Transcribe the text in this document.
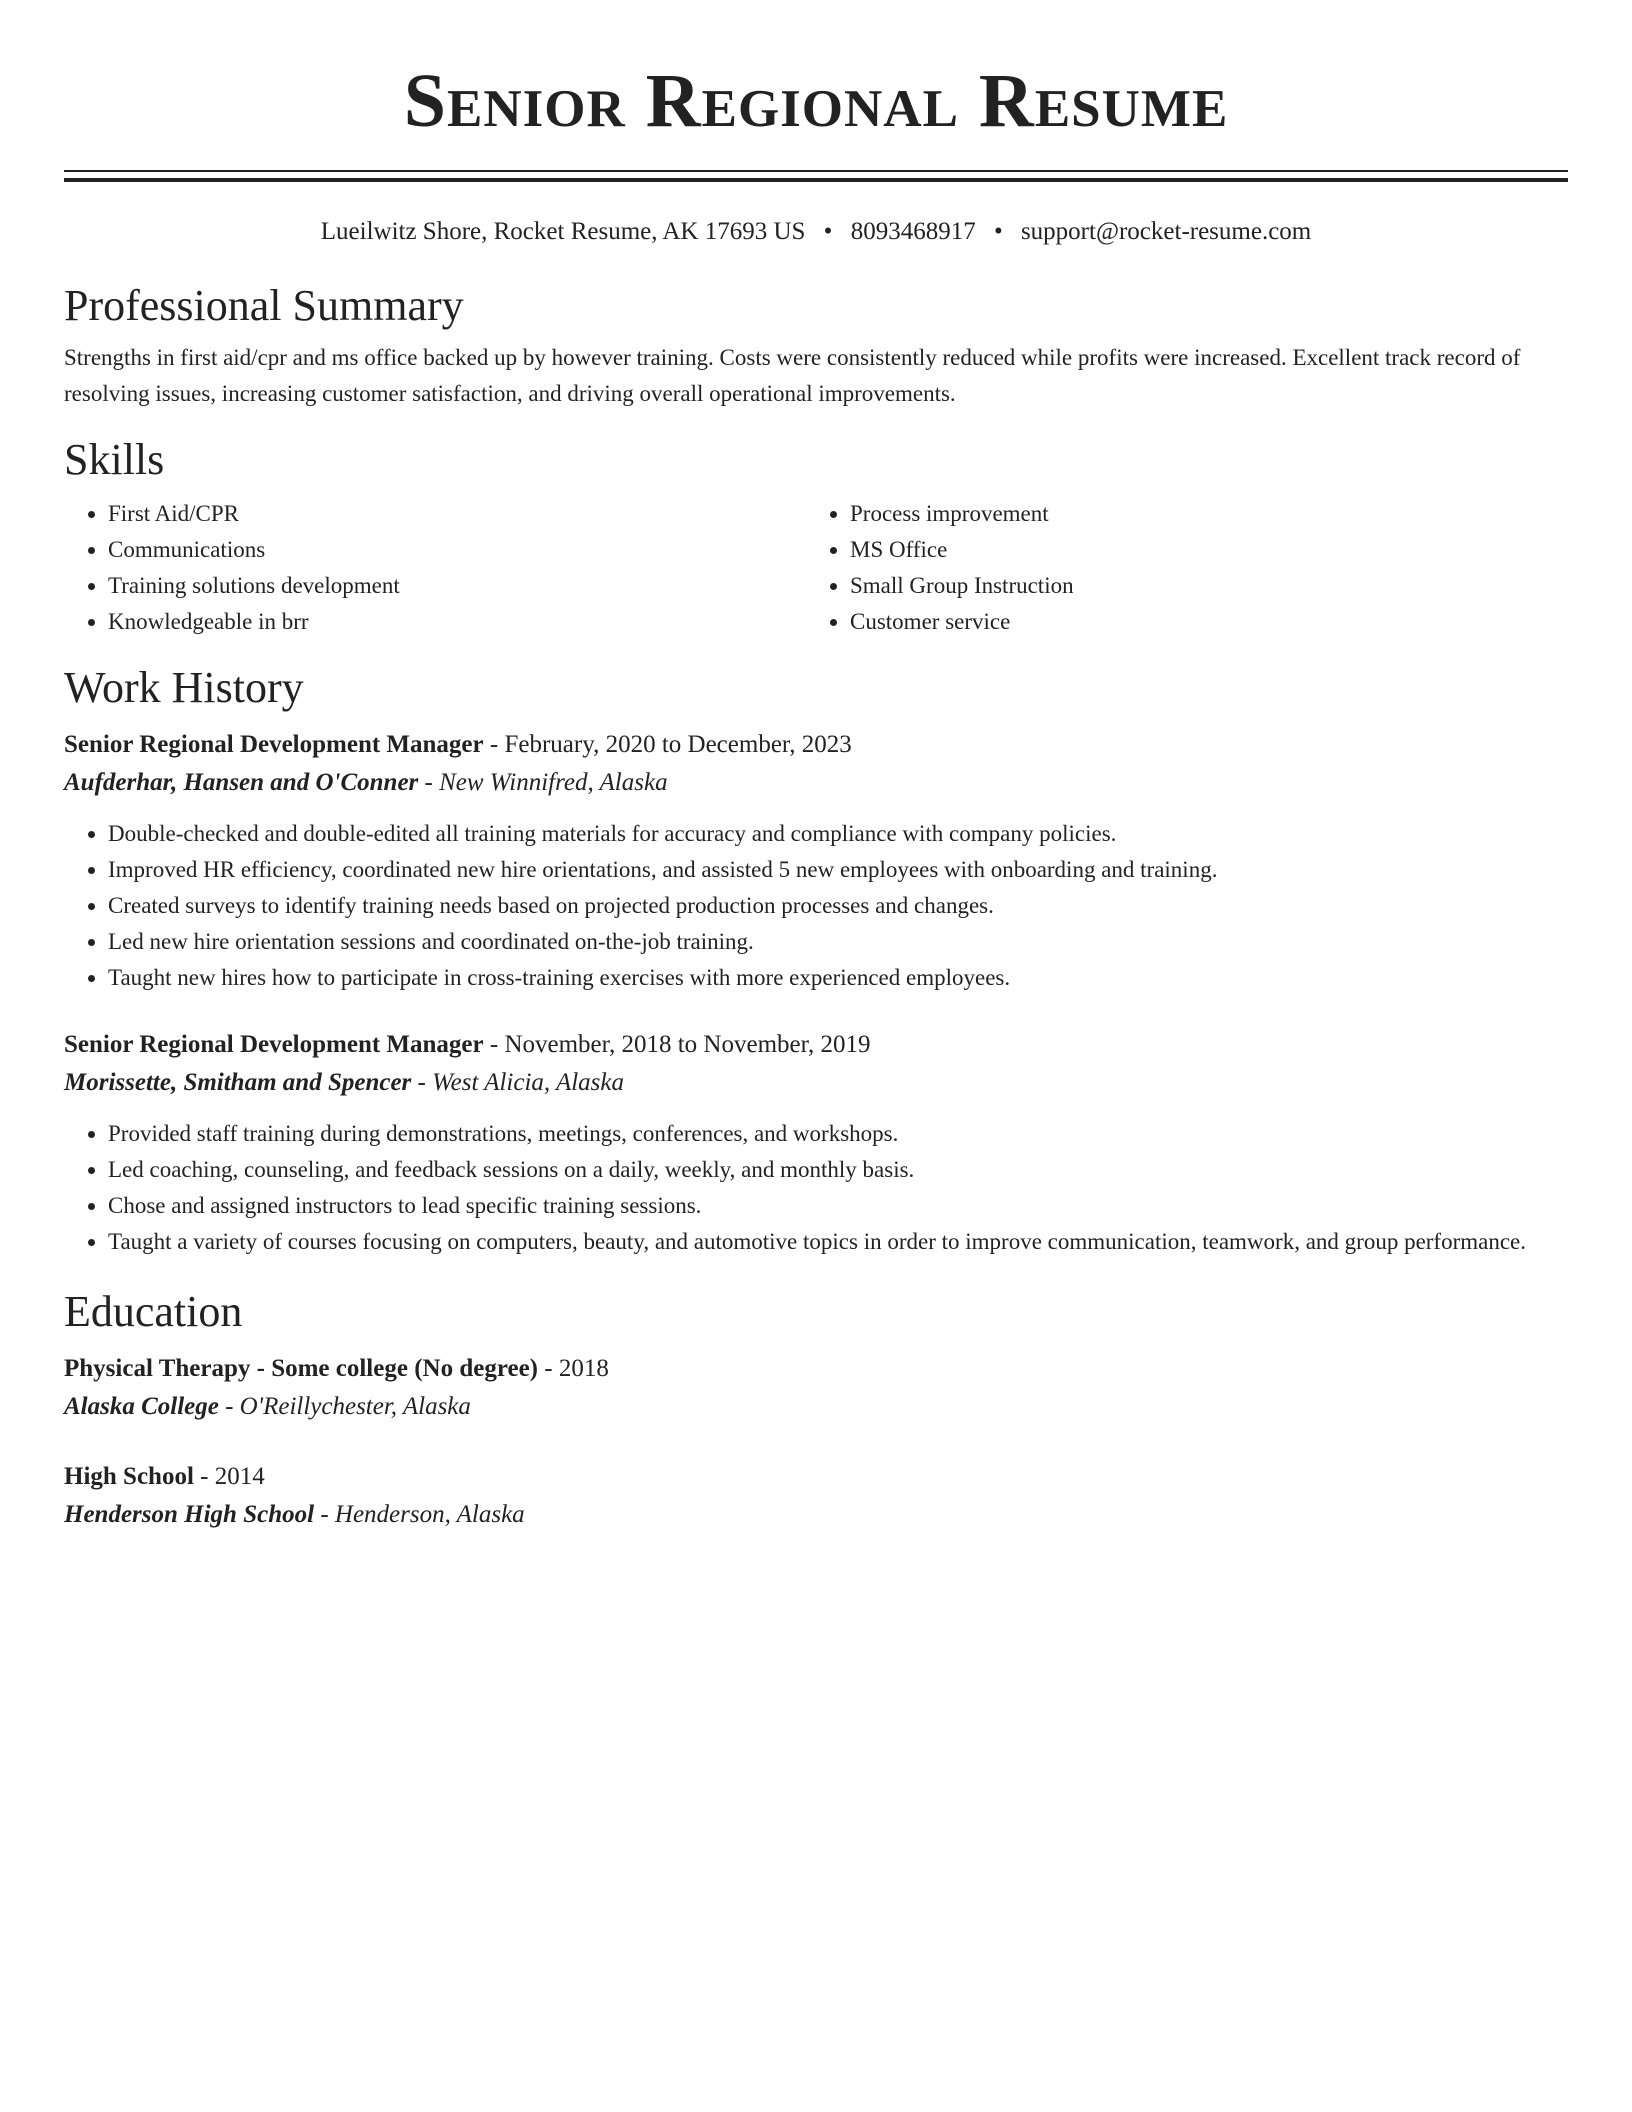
Senior Regional Resume
Lueilwitz Shore, Rocket Resume, AK 17693 US • 8093468917 • support@rocket-resume.com
Professional Summary

Strengths in first aid/cpr and ms office backed up by however training. Costs were consistently reduced while profits were increased. Excellent track record of resolving issues, increasing customer satisfaction, and driving overall operational improvements.

Skills
• First Aid/CPR
• Communications
• Training solutions development
• Knowledgeable in brr
• Process improvement
• MS Office
• Small Group Instruction
• Customer service
Work History
Senior Regional Development Manager - February, 2020 to December, 2023
Aufderhar, Hansen and O'Conner - New Winnifred, Alaska
• Double-checked and double-edited all training materials for accuracy and compliance with company policies.
• Improved HR efficiency, coordinated new hire orientations, and assisted 5 new employees with onboarding and training.
• Created surveys to identify training needs based on projected production processes and changes.
• Led new hire orientation sessions and coordinated on-the-job training.
• Taught new hires how to participate in cross-training exercises with more experienced employees.
Senior Regional Development Manager - November, 2018 to November, 2019
Morissette, Smitham and Spencer - West Alicia, Alaska
• Provided staff training during demonstrations, meetings, conferences, and workshops.
• Led coaching, counseling, and feedback sessions on a daily, weekly, and monthly basis.
• Chose and assigned instructors to lead specific training sessions.
• Taught a variety of courses focusing on computers, beauty, and automotive topics in order to improve communication, teamwork, and group performance.
Education
Physical Therapy - Some college (No degree) - 2018
Alaska College - O'Reillychester, Alaska
High School - 2014
Henderson High School - Henderson, Alaska
